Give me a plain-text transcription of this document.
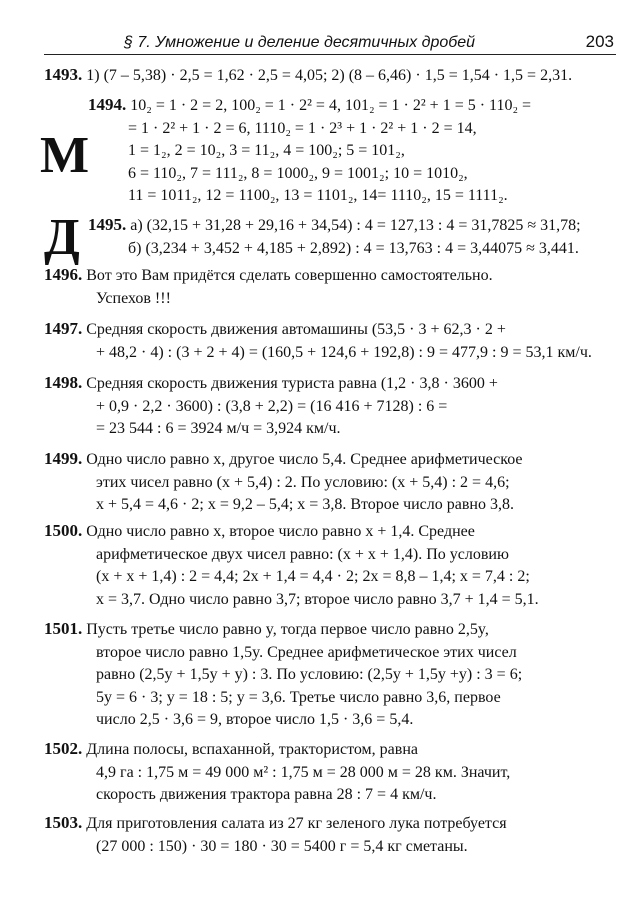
§ 7. Умножение и деление десятичных дробей	203
М
Д
1493. 1) (7 – 5,38) · 2,5 = 1,62 · 2,5 = 4,05; 2) (8 – 6,46) · 1,5 = 1,54 · 1,5 = 2,31.
1494. 10₂ = 1 · 2 = 2, 100₂ = 1 · 2² = 4, 101₂ = 1 · 2² + 1 = 5 · 110₂ =
= 1 · 2² + 1 · 2 = 6, 1110₂ = 1 · 2³ + 1 · 2² + 1 · 2 = 14,
1 = 1₂, 2 = 10₂, 3 = 11₂, 4 = 100₂; 5 = 101₂,
6 = 110₂, 7 = 111₂, 8 = 1000₂, 9 = 1001₂; 10 = 1010₂,
11 = 1011₂, 12 = 1100₂, 13 = 1101₂, 14= 1110₂, 15 = 1111₂.
1495. а) (32,15 + 31,28 + 29,16 + 34,54) : 4 = 127,13 : 4 = 31,7825 ≈ 31,78;
б) (3,234 + 3,452 + 4,185 + 2,892) : 4 = 13,763 : 4 = 3,44075 ≈ 3,441.
1496. Вот это Вам придётся сделать совершенно самостоятельно.
Успехов !!!
1497. Средняя скорость движения автомашины (53,5 · 3 + 62,3 · 2 +
+ 48,2 · 4) : (3 + 2 + 4) = (160,5 + 124,6 + 192,8) : 9 = 477,9 : 9 = 53,1 км/ч.
1498. Средняя скорость движения туриста равна (1,2 · 3,8 · 3600 +
+ 0,9 · 2,2 · 3600) : (3,8 + 2,2) = (16 416 + 7128) : 6 =
= 23 544 : 6 = 3924 м/ч = 3,924 км/ч.
1499. Одно число равно x, другое число 5,4. Среднее арифметическое
этих чисел равно (x + 5,4) : 2. По условию: (x + 5,4) : 2 = 4,6;
x + 5,4 = 4,6 · 2; x = 9,2 – 5,4; x = 3,8. Второе число равно 3,8.
1500. Одно число равно x, второе число равно x + 1,4. Среднее
арифметическое двух чисел равно: (x + x + 1,4). По условию
(x + x + 1,4) : 2 = 4,4; 2x + 1,4 = 4,4 · 2; 2x = 8,8 – 1,4; x = 7,4 : 2;
x = 3,7. Одно число равно 3,7; второе число равно 3,7 + 1,4 = 5,1.
1501. Пусть третье число равно y, тогда первое число равно 2,5y,
второе число равно 1,5y. Среднее арифметическое этих чисел
равно (2,5y + 1,5y + y) : 3. По условию: (2,5y + 1,5y +y) : 3 = 6;
5y = 6 · 3; y = 18 : 5; y = 3,6. Третье число равно 3,6, первое
число 2,5 · 3,6 = 9, второе число 1,5 · 3,6 = 5,4.
1502. Длина полосы, вспаханной, трактористом, равна
4,9 га : 1,75 м = 49 000 м² : 1,75 м = 28 000 м = 28 км. Значит,
скорость движения трактора равна 28 : 7 = 4 км/ч.
1503. Для приготовления салата из 27 кг зеленого лука потребуется
(27 000 : 150) · 30 = 180 · 30 = 5400 г = 5,4 кг сметаны.
